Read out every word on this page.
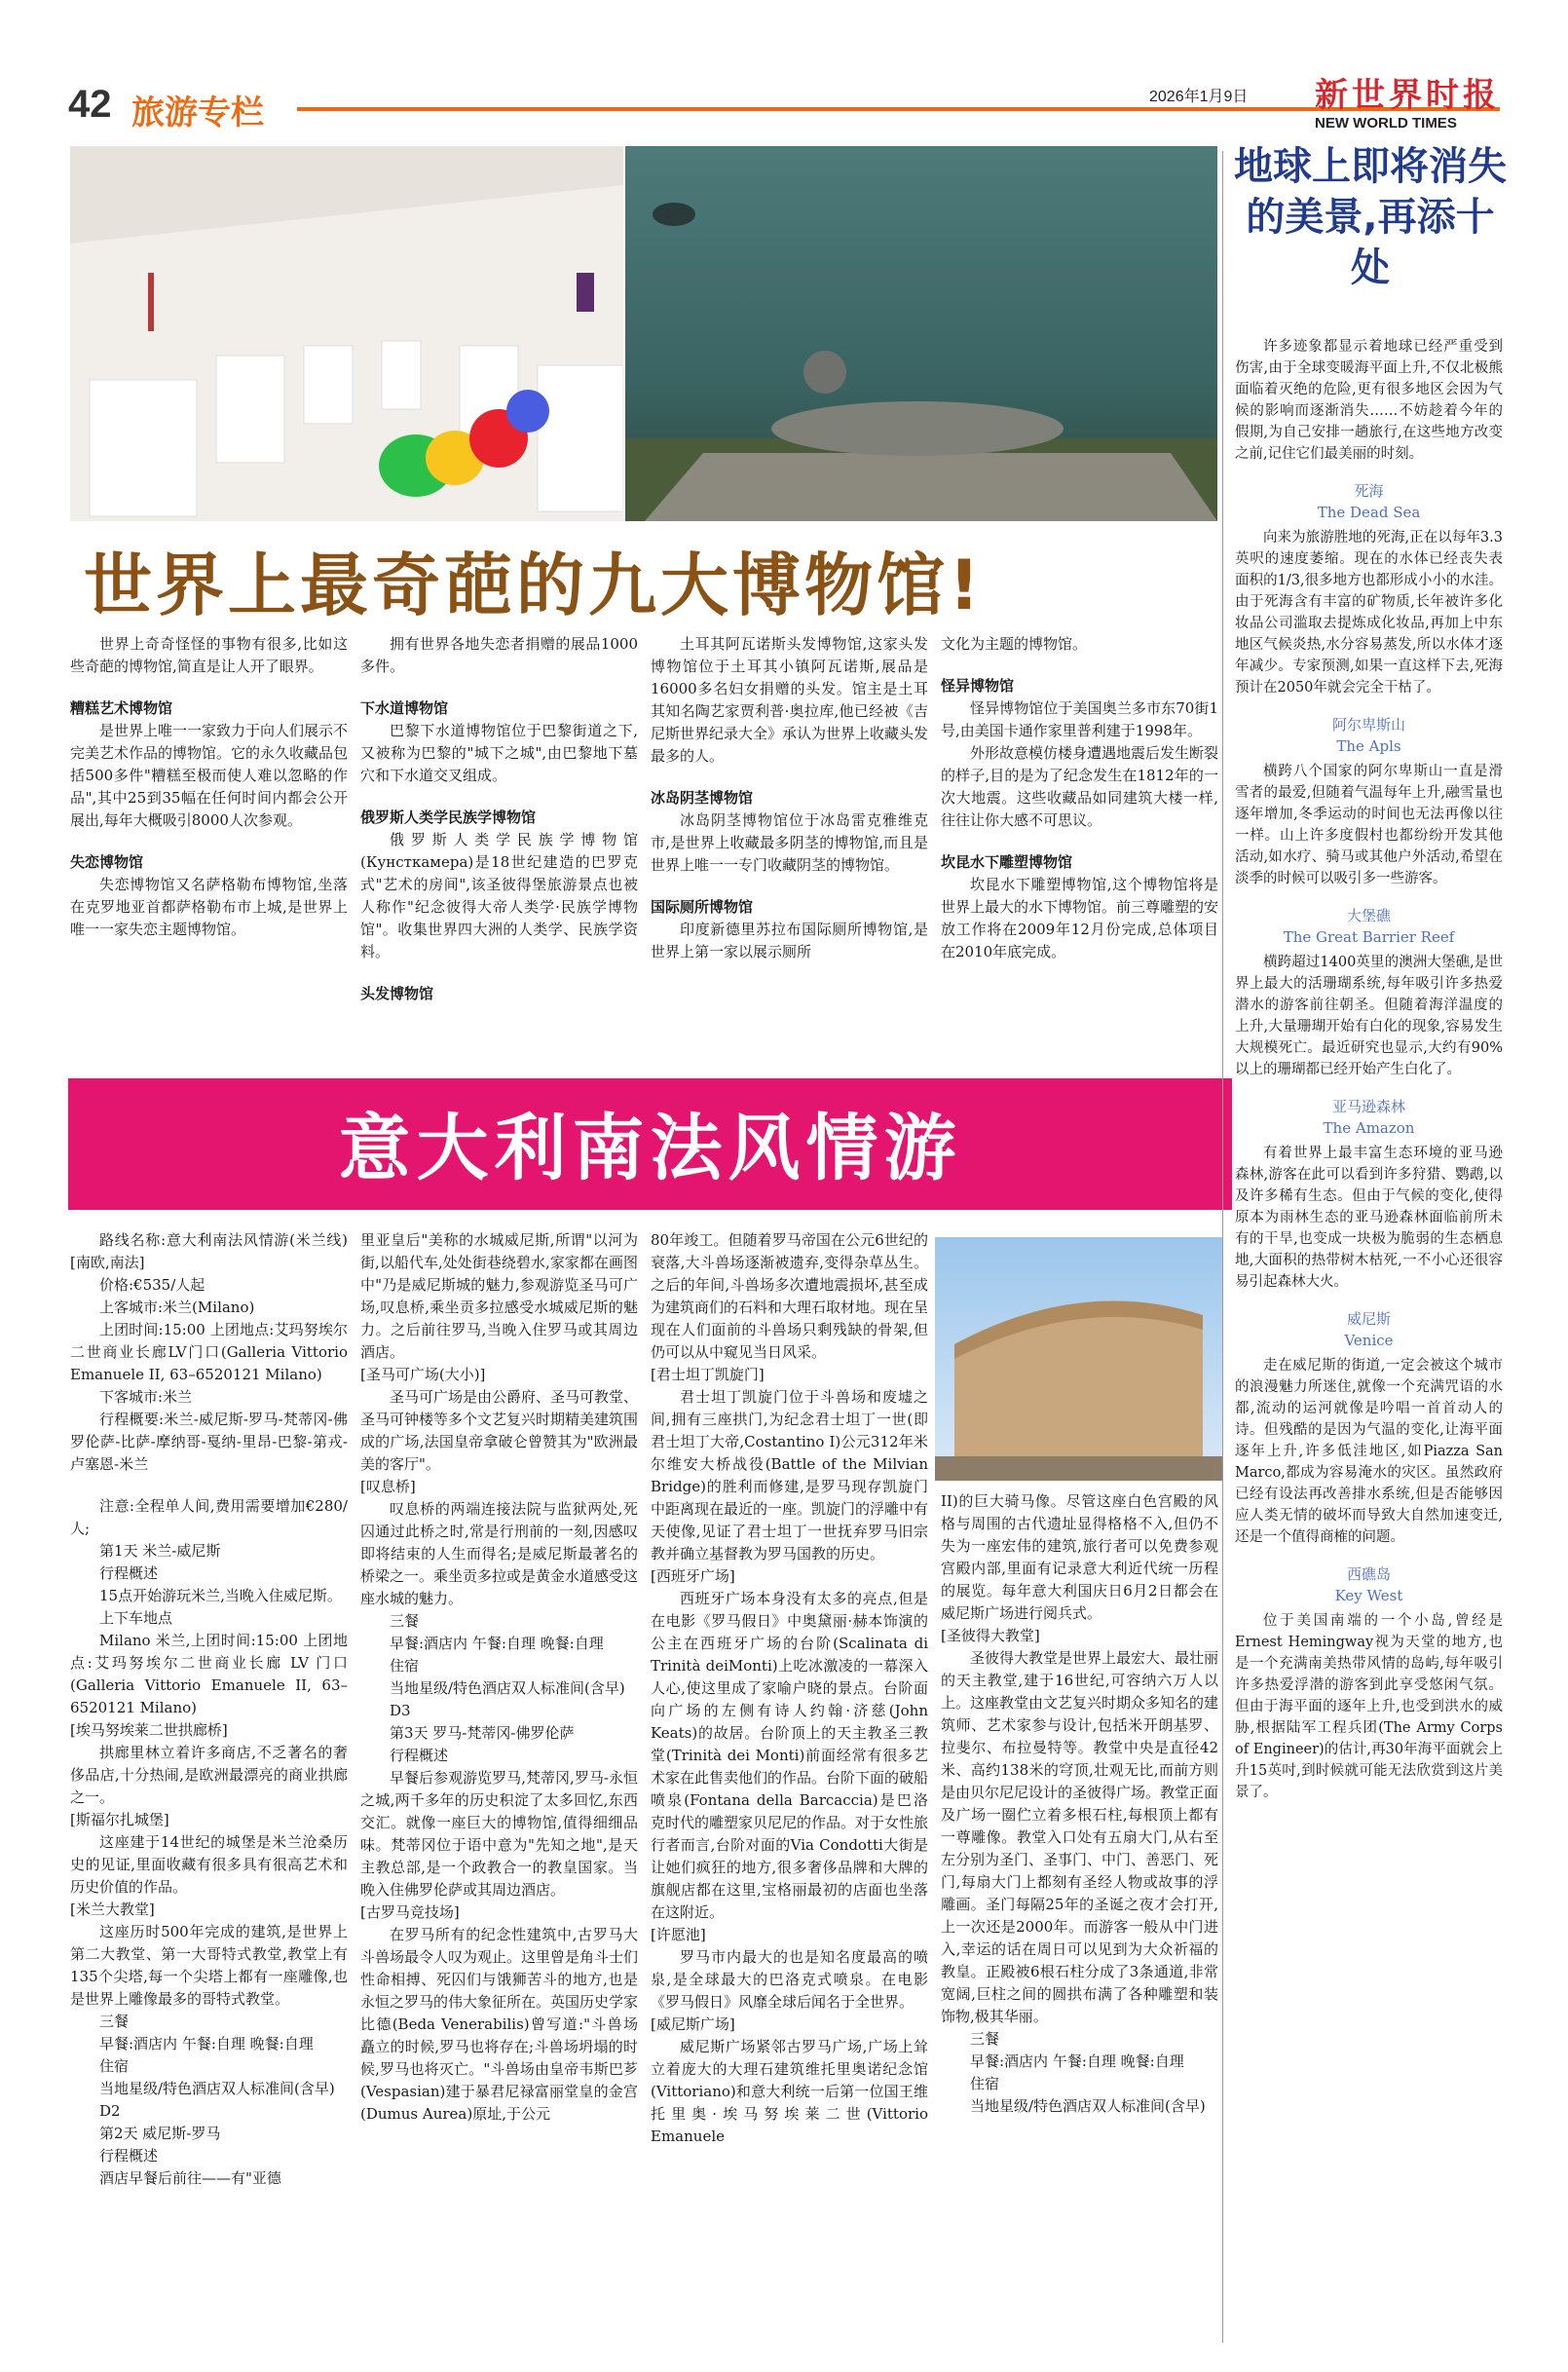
42 旅游专栏	2026年1月9日 新世界时报
NEW WORLD TIMES
世界上最奇葩的九大博物馆!

世界上奇奇怪怪的事物有很多,比如这些奇葩的博物馆,简直是让人开了眼界。

糟糕艺术博物馆

是世界上唯一一家致力于向人们展示不完美艺术作品的博物馆。它的永久收藏品包括500多件"糟糕至极而使人难以忽略的作品",其中25到35幅在任何时间内都会公开展出,每年大概吸引8000人次参观。

失恋博物馆

失恋博物馆又名萨格勒布博物馆,坐落在克罗地亚首都萨格勒布市上城,是世界上唯一一家失恋主题博物馆。

拥有世界各地失恋者捐赠的展品1000多件。

下水道博物馆

巴黎下水道博物馆位于巴黎街道之下,又被称为巴黎的"城下之城",由巴黎地下墓穴和下水道交叉组成。

俄罗斯人类学民族学博物馆

俄罗斯人类学民族学博物馆(Кунсткамера)是18世纪建造的巴罗克式"艺术的房间",该圣彼得堡旅游景点也被人称作"纪念彼得大帝人类学·民族学博物馆"。收集世界四大洲的人类学、民族学资料。

头发博物馆

土耳其阿瓦诺斯头发博物馆,这家头发博物馆位于土耳其小镇阿瓦诺斯,展品是16000多名妇女捐赠的头发。馆主是土耳其知名陶艺家贾利普·奥拉库,他已经被《吉尼斯世界纪录大全》承认为世界上收藏头发最多的人。

冰岛阴茎博物馆

冰岛阴茎博物馆位于冰岛雷克雅维克市,是世界上收藏最多阴茎的博物馆,而且是世界上唯一一专门收藏阴茎的博物馆。

国际厕所博物馆

印度新德里苏拉布国际厕所博物馆,是世界上第一家以展示厕所

文化为主题的博物馆。

怪异博物馆

怪异博物馆位于美国奥兰多市东70街1号,由美国卡通作家里普利建于1998年。

外形故意模仿楼身遭遇地震后发生断裂的样子,目的是为了纪念发生在1812年的一次大地震。这些收藏品如同建筑大楼一样,往往让你大感不可思议。

坎昆水下雕塑博物馆

坎昆水下雕塑博物馆,这个博物馆将是世界上最大的水下博物馆。前三尊雕塑的安放工作将在2009年12月份完成,总体项目在2010年底完成。

意大利南法风情游

路线名称:意大利南法风情游(米兰线)[南欧,南法]

价格:€535/人起

上客城市:米兰(Milano)

上团时间:15:00 上团地点:艾玛努埃尔二世商业长廊LV门口(Galleria Vittorio Emanuele II, 63–6520121 Milano)

下客城市:米兰

行程概要:米兰-威尼斯-罗马-梵蒂冈-佛罗伦萨-比萨-摩纳哥-戛纳-里昂-巴黎-第戎-卢塞恩-米兰

注意:全程单人间,费用需要增加€280/人;

第1天 米兰-威尼斯

行程概述

15点开始游玩米兰,当晚入住威尼斯。

上下车地点

Milano 米兰,上团时间:15:00 上团地点:艾玛努埃尔二世商业长廊 LV 门口(Galleria Vittorio Emanuele II, 63–6520121 Milano)

[埃马努埃莱二世拱廊桥]

拱廊里林立着许多商店,不乏著名的奢侈品店,十分热闹,是欧洲最漂亮的商业拱廊之一。

[斯福尔扎城堡]

这座建于14世纪的城堡是米兰沧桑历史的见证,里面收藏有很多具有很高艺术和历史价值的作品。

[米兰大教堂]

这座历时500年完成的建筑,是世界上第二大教堂、第一大哥特式教堂,教堂上有135个尖塔,每一个尖塔上都有一座雕像,也是世界上雕像最多的哥特式教堂。

三餐

早餐:酒店内 午餐:自理 晚餐:自理

住宿

当地星级/特色酒店双人标准间(含早)

D2

第2天 威尼斯-罗马

行程概述

酒店早餐后前往——有"亚德

里亚皇后"美称的水城威尼斯,所谓"以河为街,以船代车,处处街巷绕碧水,家家都在画图中"乃是威尼斯城的魅力,参观游览圣马可广场,叹息桥,乘坐贡多拉感受水城威尼斯的魅力。之后前往罗马,当晚入住罗马或其周边酒店。

[圣马可广场(大小)]

圣马可广场是由公爵府、圣马可教堂、圣马可钟楼等多个文艺复兴时期精美建筑围成的广场,法国皇帝拿破仑曾赞其为"欧洲最美的客厅"。

[叹息桥]

叹息桥的两端连接法院与监狱两处,死囚通过此桥之时,常是行刑前的一刻,因感叹即将结束的人生而得名;是威尼斯最著名的桥梁之一。乘坐贡多拉或是黄金水道感受这座水城的魅力。

三餐

早餐:酒店内 午餐:自理 晚餐:自理

住宿

当地星级/特色酒店双人标准间(含早)

D3

第3天 罗马-梵蒂冈-佛罗伦萨

行程概述

早餐后参观游览罗马,梵蒂冈,罗马-永恒之城,两千多年的历史积淀了太多回忆,东西交汇。就像一座巨大的博物馆,值得细细品味。梵蒂冈位于语中意为"先知之地",是天主教总部,是一个政教合一的教皇国家。当晚入住佛罗伦萨或其周边酒店。

[古罗马竞技场]

在罗马所有的纪念性建筑中,古罗马大斗兽场最令人叹为观止。这里曾是角斗士们性命相搏、死囚们与饿狮苦斗的地方,也是永恒之罗马的伟大象征所在。英国历史学家比德(Beda Venerabilis)曾写道:"斗兽场矗立的时候,罗马也将存在;斗兽场坍塌的时候,罗马也将灭亡。"斗兽场由皇帝韦斯巴芗(Vespasian)建于暴君尼禄富丽堂皇的金宫(Dumus Aurea)原址,于公元

80年竣工。但随着罗马帝国在公元6世纪的衰落,大斗兽场逐渐被遗弃,变得杂草丛生。之后的年间,斗兽场多次遭地震损坏,甚至成为建筑商们的石料和大理石取材地。现在呈现在人们面前的斗兽场只剩残缺的骨架,但仍可以从中窥见当日风采。

[君士坦丁凯旋门]

君士坦丁凯旋门位于斗兽场和废墟之间,拥有三座拱门,为纪念君士坦丁一世(即君士坦丁大帝,Costantino I)公元312年米尔维安大桥战役(Battle of the Milvian Bridge)的胜利而修建,是罗马现存凯旋门中距离现在最近的一座。凯旋门的浮雕中有天使像,见证了君士坦丁一世抚弃罗马旧宗教并确立基督教为罗马国教的历史。

[西班牙广场]

西班牙广场本身没有太多的亮点,但是在电影《罗马假日》中奥黛丽·赫本饰演的公主在西班牙广场的台阶(Scalinata di Trinità deiMonti)上吃冰激凌的一幕深入人心,使这里成了家喻户晓的景点。台阶面向广场的左侧有诗人约翰·济慈(John Keats)的故居。台阶顶上的天主教圣三教堂(Trinità dei Monti)前面经常有很多艺术家在此售卖他们的作品。台阶下面的破船喷泉(Fontana della Barcaccia)是巴洛克时代的雕塑家贝尼尼的作品。对于女性旅行者而言,台阶对面的Via Condotti大街是让她们疯狂的地方,很多奢侈品牌和大牌的旗舰店都在这里,宝格丽最初的店面也坐落在这附近。

[许愿池]

罗马市内最大的也是知名度最高的喷泉,是全球最大的巴洛克式喷泉。在电影《罗马假日》风靡全球后闻名于全世界。

[威尼斯广场]

威尼斯广场紧邻古罗马广场,广场上耸立着庞大的大理石建筑维托里奥诺纪念馆(Vittoriano)和意大利统一后第一位国王维托里奥·埃马努埃莱二世(Vittorio Emanuele

II)的巨大骑马像。尽管这座白色宫殿的风格与周围的古代遗址显得格格不入,但仍不失为一座宏伟的建筑,旅行者可以免费参观宫殿内部,里面有记录意大利近代统一历程的展览。每年意大利国庆日6月2日都会在威尼斯广场进行阅兵式。

[圣彼得大教堂]

圣彼得大教堂是世界上最宏大、最壮丽的天主教堂,建于16世纪,可容纳六万人以上。这座教堂由文艺复兴时期众多知名的建筑师、艺术家参与设计,包括米开朗基罗、拉斐尔、布拉曼特等。教堂中央是直径42米、高约138米的穹顶,壮观无比,而前方则是由贝尔尼尼设计的圣彼得广场。教堂正面及广场一圈伫立着多根石柱,每根顶上都有一尊雕像。教堂入口处有五扇大门,从右至左分别为圣门、圣事门、中门、善恶门、死门,每扇大门上都刻有圣经人物或故事的浮雕画。圣门每隔25年的圣诞之夜才会打开,上一次还是2000年。而游客一般从中门进入,幸运的话在周日可以见到为大众祈福的教皇。正殿被6根石柱分成了3条通道,非常宽阔,巨柱之间的圆拱布满了各种雕塑和装饰物,极其华丽。

三餐

早餐:酒店内 午餐:自理 晚餐:自理

住宿

当地星级/特色酒店双人标准间(含早)

地球上即将消失的美景,再添十处

许多迹象都显示着地球已经严重受到伤害,由于全球变暖海平面上升,不仅北极熊面临着灭绝的危险,更有很多地区会因为气候的影响而逐渐消失……不妨趁着今年的假期,为自己安排一趟旅行,在这些地方改变之前,记住它们最美丽的时刻。

死海
The Dead Sea

向来为旅游胜地的死海,正在以每年3.3英呎的速度萎缩。现在的水体已经丧失表面积的1/3,很多地方也都形成小小的水洼。由于死海含有丰富的矿物质,长年被许多化妆品公司滥取去提炼成化妆品,再加上中东地区气候炎热,水分容易蒸发,所以水体才逐年减少。专家预测,如果一直这样下去,死海预计在2050年就会完全干枯了。

阿尔卑斯山
The Apls

横跨八个国家的阿尔卑斯山一直是滑雪者的最爱,但随着气温每年上升,融雪量也逐年增加,冬季运动的时间也无法再像以往一样。山上许多度假村也都纷纷开发其他活动,如水疗、骑马或其他户外活动,希望在淡季的时候可以吸引多一些游客。

大堡礁
The Great Barrier Reef

横跨超过1400英里的澳洲大堡礁,是世界上最大的活珊瑚系统,每年吸引许多热爱潜水的游客前往朝圣。但随着海洋温度的上升,大量珊瑚开始有白化的现象,容易发生大规模死亡。最近研究也显示,大约有90%以上的珊瑚都已经开始产生白化了。

亚马逊森林
The Amazon

有着世界上最丰富生态环境的亚马逊森林,游客在此可以看到许多狩猎、鹦鹉,以及许多稀有生态。但由于气候的变化,使得原本为雨林生态的亚马逊森林面临前所未有的干旱,也变成一块极为脆弱的生态栖息地,大面积的热带树木枯死,一不小心还很容易引起森林大火。

威尼斯
Venice

走在威尼斯的街道,一定会被这个城市的浪漫魅力所迷住,就像一个充满咒语的水都,流动的运河就像是吟唱一首首动人的诗。但残酷的是因为气温的变化,让海平面逐年上升,许多低洼地区,如Piazza San Marco,都成为容易淹水的灾区。虽然政府已经有设法再改善排水系统,但是否能够因应人类无情的破坏而导致大自然加速变迁,还是一个值得商榷的问题。

西礁岛
Key West

位于美国南端的一个小岛,曾经是Ernest Hemingway视为天堂的地方,也是一个充满南美热带风情的岛屿,每年吸引许多热爱浮潜的游客到此享受悠闲气氛。但由于海平面的逐年上升,也受到洪水的威胁,根据陆军工程兵团(The Army Corps of Engineer)的估计,再30年海平面就会上升15英吋,到时候就可能无法欣赏到这片美景了。
